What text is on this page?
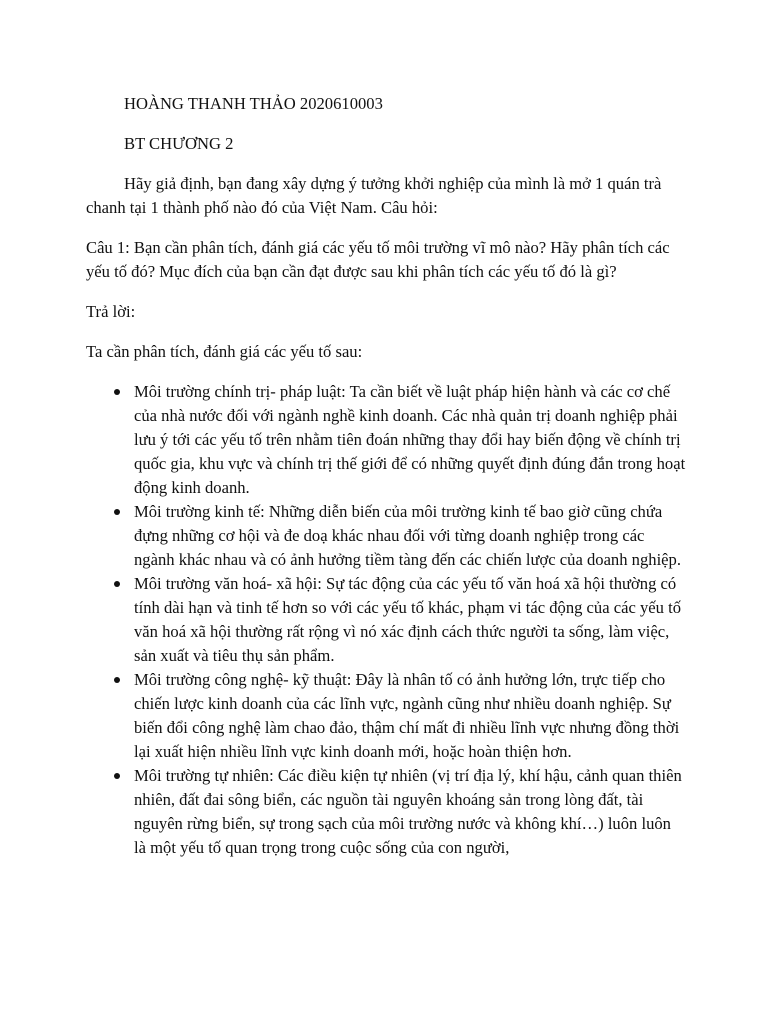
HOÀNG THANH THẢO 2020610003

BT CHƯƠNG 2

Hãy giả định, bạn đang xây dựng ý tưởng khởi nghiệp của mình là mở 1 quán trà chanh tại 1 thành phố nào đó của Việt Nam. Câu hỏi:

Câu 1: Bạn cần phân tích, đánh giá các yếu tố môi trường vĩ mô nào? Hãy phân tích các yếu tố đó? Mục đích của bạn cần đạt được sau khi phân tích các yếu tố đó là gì?

Trả lời:

Ta cần phân tích, đánh giá các yếu tố sau:

Môi trường chính trị- pháp luật: Ta cần biết về luật pháp hiện hành và các cơ chế của nhà nước đối với ngành nghề kinh doanh. Các nhà quản trị doanh nghiệp phải lưu ý tới các yếu tố trên nhằm tiên đoán những thay đổi hay biến động về chính trị quốc gia, khu vực và chính trị thế giới để có những quyết định đúng đắn trong hoạt động kinh doanh.
Môi trường kinh tế: Những diễn biến của môi trường kinh tế bao giờ cũng chứa đựng những cơ hội và đe doạ khác nhau đối với từng doanh nghiệp trong các ngành khác nhau và có ảnh hưởng tiềm tàng đến các chiến lược của doanh nghiệp.
Môi trường văn hoá- xã hội: Sự tác động của các yếu tố văn hoá xã hội thường có tính dài hạn và tinh tế hơn so với các yếu tố khác, phạm vi tác động của các yếu tố văn hoá xã hội thường rất rộng vì nó xác định cách thức người ta sống, làm việc, sản xuất và tiêu thụ sản phẩm.
Môi trường công nghệ- kỹ thuật: Đây là nhân tố có ảnh hưởng lớn, trực tiếp cho chiến lược kinh doanh của các lĩnh vực, ngành cũng như nhiều doanh nghiệp. Sự biến đổi công nghệ làm chao đảo, thậm chí mất đi nhiều lĩnh vực nhưng đồng thời lại xuất hiện nhiều lĩnh vực kinh doanh mới, hoặc hoàn thiện hơn.
Môi trường tự nhiên: Các điều kiện tự nhiên (vị trí địa lý, khí hậu, cảnh quan thiên nhiên, đất đai sông biển, các nguồn tài nguyên khoáng sản trong lòng đất, tài nguyên rừng biển, sự trong sạch của môi trường nước và không khí…) luôn luôn là một yếu tố quan trọng trong cuộc sống của con người,
